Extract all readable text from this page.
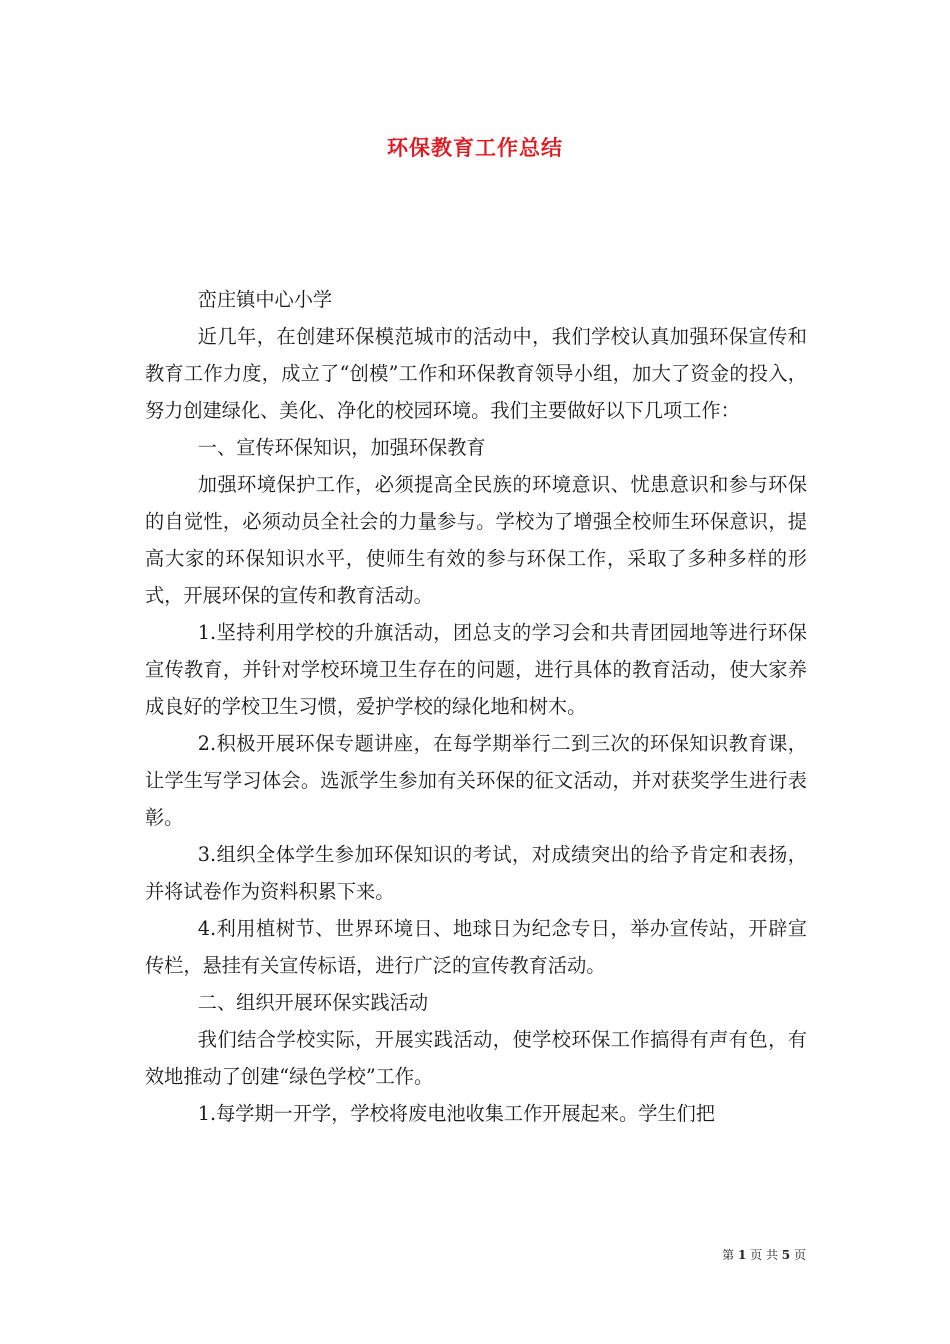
环保教育工作总结

峦庄镇中心小学

近几年，在创建环保模范城市的活动中，我们学校认真加强环保宣传和教育工作力度，成立了“创模”工作和环保教育领导小组，加大了资金的投入，努力创建绿化、美化、净化的校园环境。我们主要做好以下几项工作：

一、宣传环保知识，加强环保教育

加强环境保护工作，必须提高全民族的环境意识、忧患意识和参与环保的自觉性，必须动员全社会的力量参与。学校为了增强全校师生环保意识，提高大家的环保知识水平，使师生有效的参与环保工作，采取了多种多样的形式，开展环保的宣传和教育活动。

1.坚持利用学校的升旗活动，团总支的学习会和共青团园地等进行环保宣传教育，并针对学校环境卫生存在的问题，进行具体的教育活动，使大家养成良好的学校卫生习惯，爱护学校的绿化地和树木。

2.积极开展环保专题讲座，在每学期举行二到三次的环保知识教育课，让学生写学习体会。选派学生参加有关环保的征文活动，并对获奖学生进行表彰。

3.组织全体学生参加环保知识的考试，对成绩突出的给予肯定和表扬，并将试卷作为资料积累下来。

4.利用植树节、世界环境日、地球日为纪念专日，举办宣传站，开辟宣传栏，悬挂有关宣传标语，进行广泛的宣传教育活动。

二、组织开展环保实践活动

我们结合学校实际，开展实践活动，使学校环保工作搞得有声有色，有效地推动了创建“绿色学校”工作。

1.每学期一开学，学校将废电池收集工作开展起来。学生们把

第 1 页 共 5 页
